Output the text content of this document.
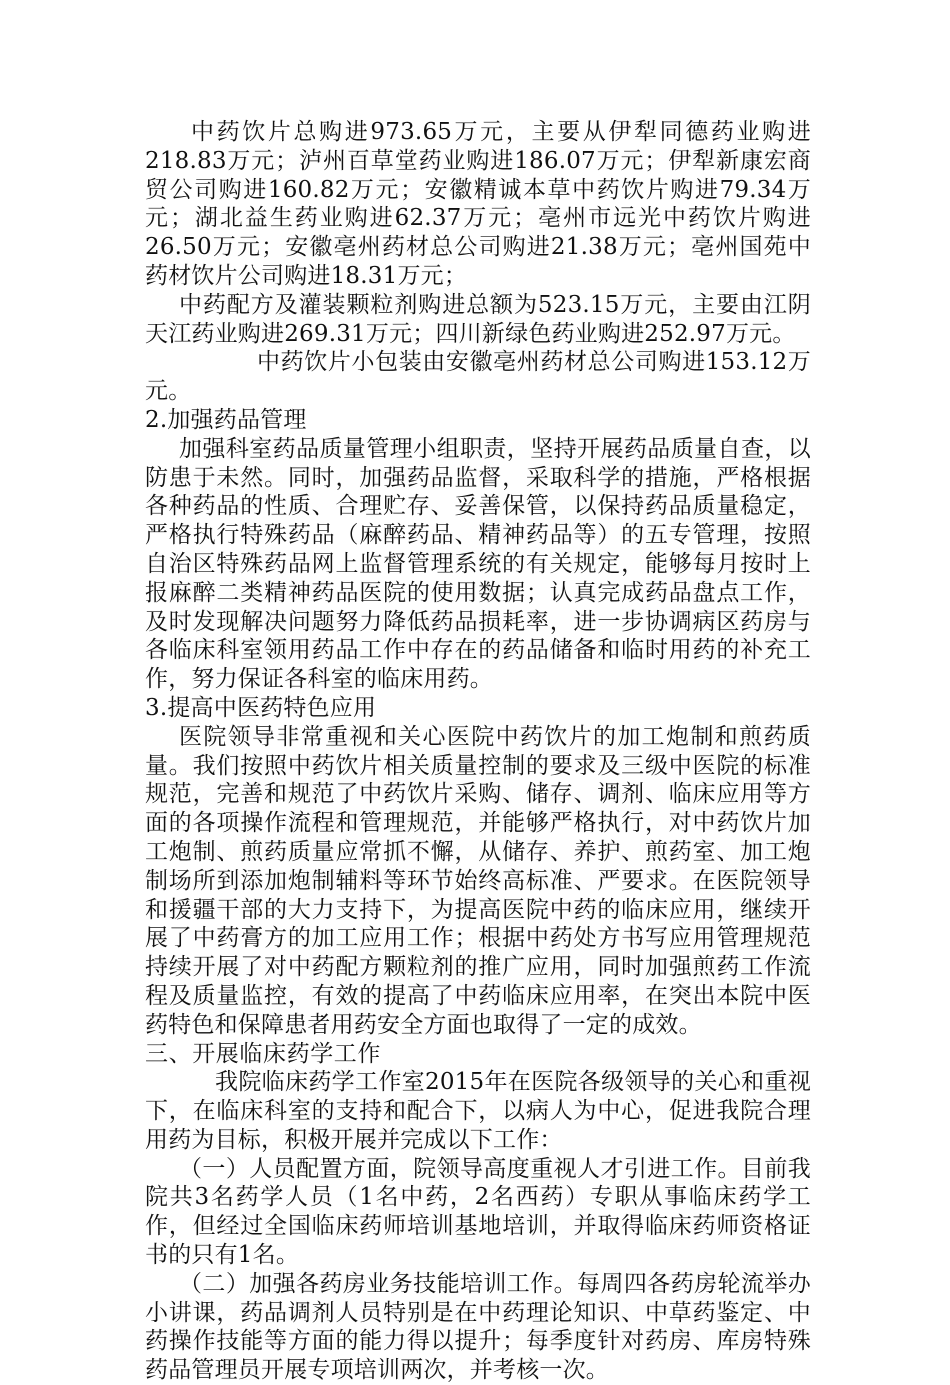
中药饮片总购进973.65万元，主要从伊犁同德药业购进218.83万元；泸州百草堂药业购进186.07万元；伊犁新康宏商贸公司购进160.82万元；安徽精诚本草中药饮片购进79.34万元；湖北益生药业购进62.37万元；亳州市远光中药饮片购进26.50万元；安徽亳州药材总公司购进21.38万元；亳州国苑中药材饮片公司购进18.31万元；

中药配方及灌装颗粒剂购进总额为523.15万元，主要由江阴天江药业购进269.31万元；四川新绿色药业购进252.97万元。

中药饮片小包装由安徽亳州药材总公司购进153.12万元。

2.加强药品管理

加强科室药品质量管理小组职责，坚持开展药品质量自查，以防患于未然。同时，加强药品监督，采取科学的措施，严格根据各种药品的性质、合理贮存、妥善保管，以保持药品质量稳定，严格执行特殊药品（麻醉药品、精神药品等）的五专管理，按照自治区特殊药品网上监督管理系统的有关规定，能够每月按时上报麻醉二类精神药品医院的使用数据；认真完成药品盘点工作，及时发现解决问题努力降低药品损耗率，进一步协调病区药房与各临床科室领用药品工作中存在的药品储备和临时用药的补充工作，努力保证各科室的临床用药。

3.提高中医药特色应用

医院领导非常重视和关心医院中药饮片的加工炮制和煎药质量。我们按照中药饮片相关质量控制的要求及三级中医院的标准规范，完善和规范了中药饮片采购、储存、调剂、临床应用等方面的各项操作流程和管理规范，并能够严格执行，对中药饮片加工炮制、煎药质量应常抓不懈，从储存、养护、煎药室、加工炮制场所到添加炮制辅料等环节始终高标准、严要求。在医院领导和援疆干部的大力支持下，为提高医院中药的临床应用，继续开展了中药膏方的加工应用工作；根据中药处方书写应用管理规范持续开展了对中药配方颗粒剂的推广应用，同时加强煎药工作流程及质量监控，有效的提高了中药临床应用率，在突出本院中医药特色和保障患者用药安全方面也取得了一定的成效。

三、开展临床药学工作

我院临床药学工作室2015年在医院各级领导的关心和重视下，在临床科室的支持和配合下，以病人为中心，促进我院合理用药为目标，积极开展并完成以下工作：

（一）人员配置方面，院领导高度重视人才引进工作。目前我院共3名药学人员（1名中药，2名西药）专职从事临床药学工作，但经过全国临床药师培训基地培训，并取得临床药师资格证书的只有1名。

（二）加强各药房业务技能培训工作。每周四各药房轮流举办小讲课，药品调剂人员特别是在中药理论知识、中草药鉴定、中药操作技能等方面的能力得以提升；每季度针对药房、库房特殊药品管理员开展专项培训两次，并考核一次。
